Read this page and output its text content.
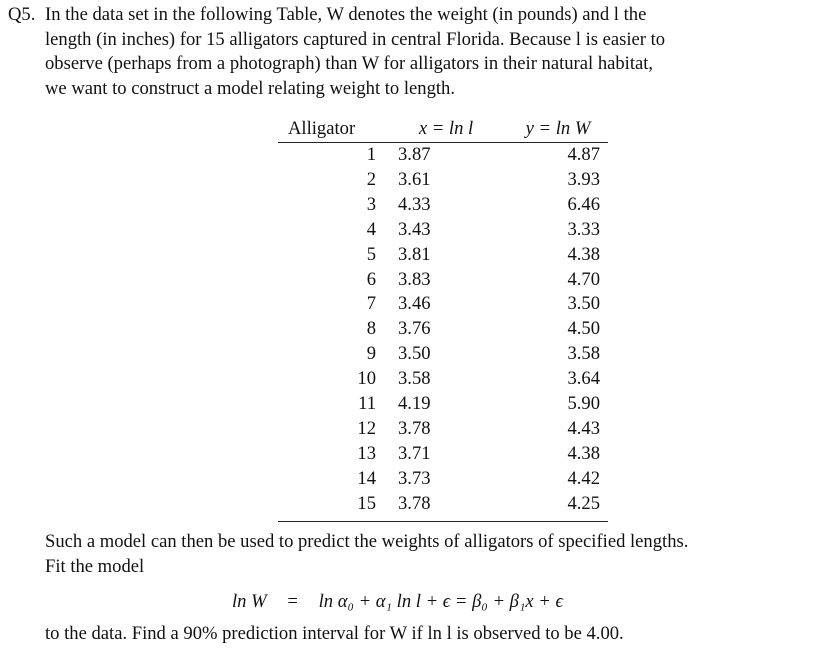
Q5. In the data set in the following Table, W denotes the weight (in pounds) and l the
length (in inches) for 15 alligators captured in central Florida. Because l is easier to
observe (perhaps from a photograph) than W for alligators in their natural habitat,
we want to construct a model relating weight to length.
Alligator	x = ln l	y = ln W
1	3.87	4.87
2	3.61	3.93
3	4.33	6.46
4	3.43	3.33
5	3.81	4.38
6	3.83	4.70
7	3.46	3.50
8	3.76	4.50
9	3.50	3.58
10	3.58	3.64
11	4.19	5.90
12	3.78	4.43
13	3.71	4.38
14	3.73	4.42
15	3.78	4.25
Such a model can then be used to predict the weights of alligators of specified lengths.
Fit the model
ln W = ln α₀ + α₁ ln l + ϵ = β₀ + β₁x + ϵ
to the data. Find a 90% prediction interval for W if ln l is observed to be 4.00.
